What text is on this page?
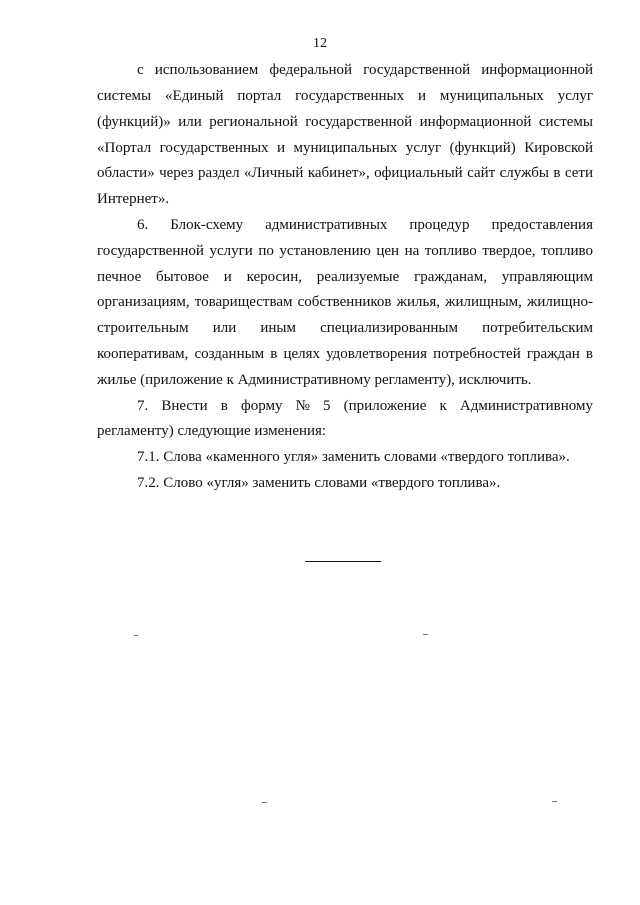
12
с использованием федеральной государственной информационной
системы «Единый портал государственных и муниципальных услуг
(функций)» или региональной государственной информационной системы
«Портал государственных и муниципальных услуг (функций) Кировской
области» через раздел «Личный кабинет», официальный сайт службы в сети
Интернет».
6. Блок-схему административных процедур предоставления
государственной услуги по установлению цен на топливо твердое, топливо
печное бытовое и керосин, реализуемые гражданам, управляющим
организациям, товариществам собственников жилья, жилищным, жилищно-
строительным или иным специализированным потребительским
кооперативам, созданным в целях удовлетворения потребностей граждан в
жилье (приложение к Административному регламенту), исключить.
7. Внести в форму № 5 (приложение к Административному
регламенту) следующие изменения:
7.1. Слова «каменного угля» заменить словами «твердого топлива».
7.2. Слово «угля» заменить словами «твердого топлива».
